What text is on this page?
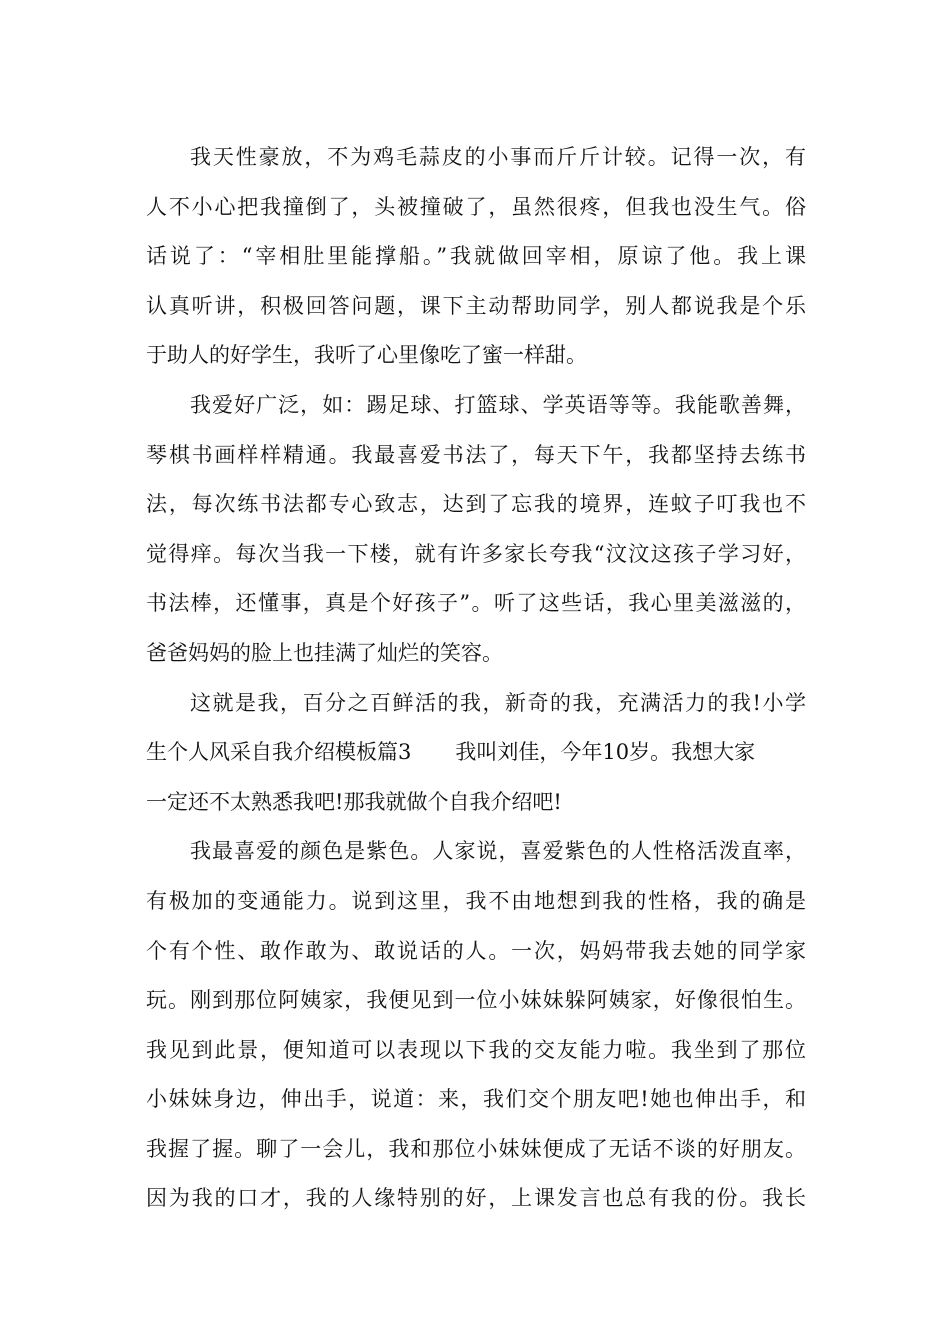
我天性豪放，不为鸡毛蒜皮的小事而斤斤计较。记得一次，有
人不小心把我撞倒了，头被撞破了，虽然很疼，但我也没生气。俗
话说了：“宰相肚里能撑船。”我就做回宰相，原谅了他。我上课
认真听讲，积极回答问题，课下主动帮助同学，别人都说我是个乐
于助人的好学生，我听了心里像吃了蜜一样甜。
我爱好广泛，如：踢足球、打篮球、学英语等等。我能歌善舞，
琴棋书画样样精通。我最喜爱书法了，每天下午，我都坚持去练书
法，每次练书法都专心致志，达到了忘我的境界，连蚊子叮我也不
觉得痒。每次当我一下楼，就有许多家长夸我“汶汶这孩子学习好，
书法棒，还懂事，真是个好孩子”。听了这些话，我心里美滋滋的，
爸爸妈妈的脸上也挂满了灿烂的笑容。
这就是我，百分之百鲜活的我，新奇的我，充满活力的我!小学
生个人风采自我介绍模板篇3 我叫刘佳，今年10岁。我想大家
一定还不太熟悉我吧!那我就做个自我介绍吧!
我最喜爱的颜色是紫色。人家说，喜爱紫色的人性格活泼直率，
有极加的变通能力。说到这里，我不由地想到我的性格，我的确是
个有个性、敢作敢为、敢说话的人。一次，妈妈带我去她的同学家
玩。刚到那位阿姨家，我便见到一位小妹妹躲阿姨家，好像很怕生。
我见到此景，便知道可以表现以下我的交友能力啦。我坐到了那位
小妹妹身边，伸出手，说道：来，我们交个朋友吧!她也伸出手，和
我握了握。聊了一会儿，我和那位小妹妹便成了无话不谈的好朋友。
因为我的口才，我的人缘特别的好，上课发言也总有我的份。我长
